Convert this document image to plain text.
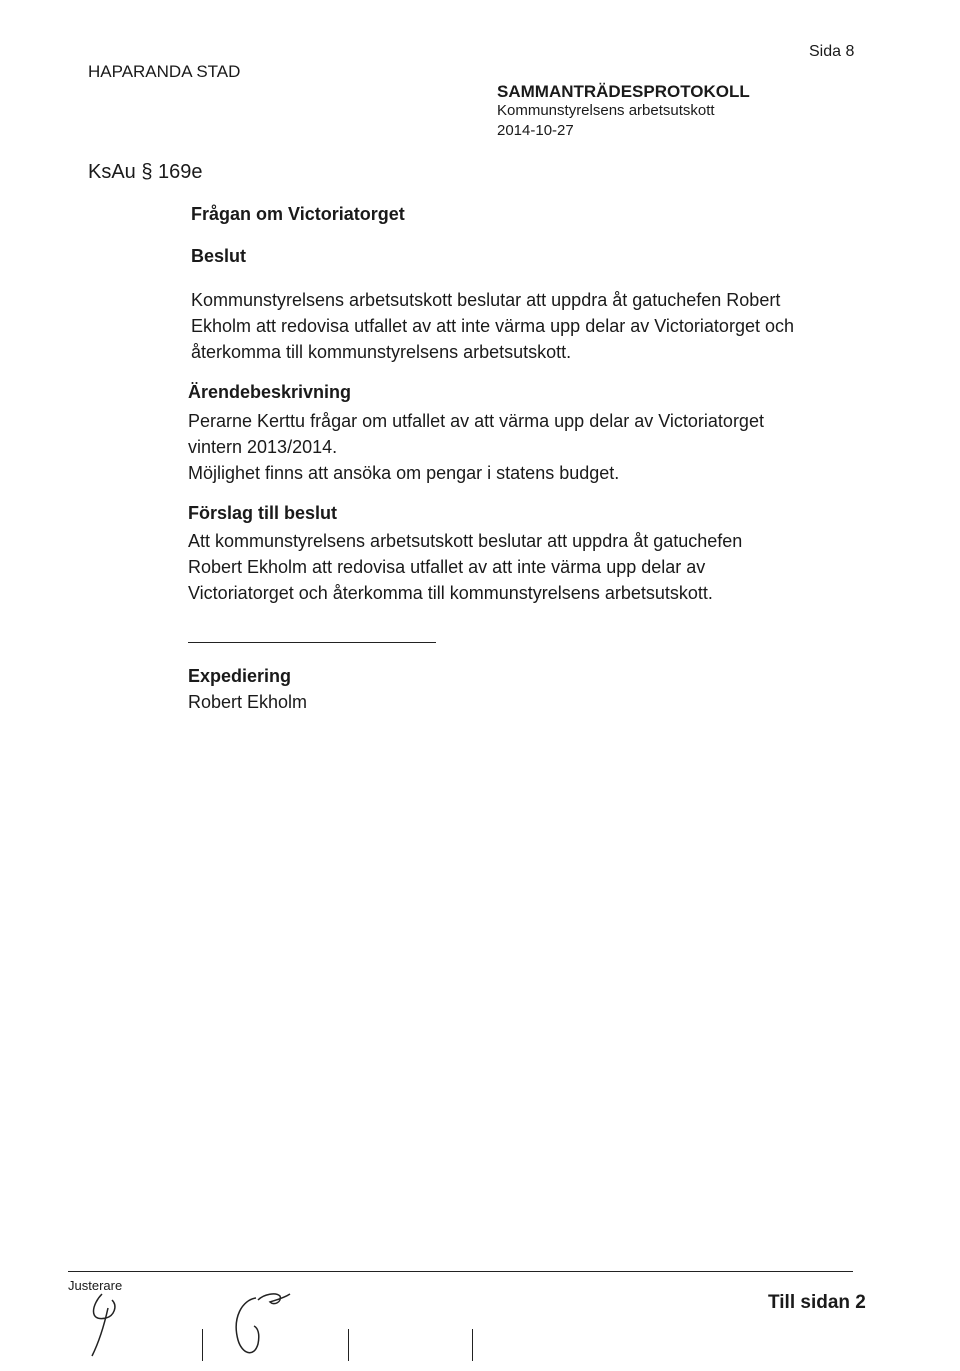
HAPARANDA STAD
Sida 8
SAMMANTRÄDESPROTOKOLL
Kommunstyrelsens arbetsutskott
2014-10-27
KsAu § 169e
Frågan om Victoriatorget
Beslut
Kommunstyrelsens arbetsutskott beslutar att uppdra åt gatuchefen Robert
Ekholm att redovisa utfallet av att inte värma upp delar av Victoriatorget och
återkomma till kommunstyrelsens arbetsutskott.
Ärendebeskrivning
Perarne Kerttu frågar om utfallet av att värma upp delar av Victoriatorget
vintern 2013/2014.
Möjlighet finns att ansöka om pengar i statens budget.
Förslag till beslut
Att kommunstyrelsens arbetsutskott beslutar att uppdra åt gatuchefen
Robert Ekholm att redovisa utfallet av att inte värma upp delar av
Victoriatorget och återkomma till kommunstyrelsens arbetsutskott.
Expediering
Robert Ekholm
Justerare
Till sidan 2
